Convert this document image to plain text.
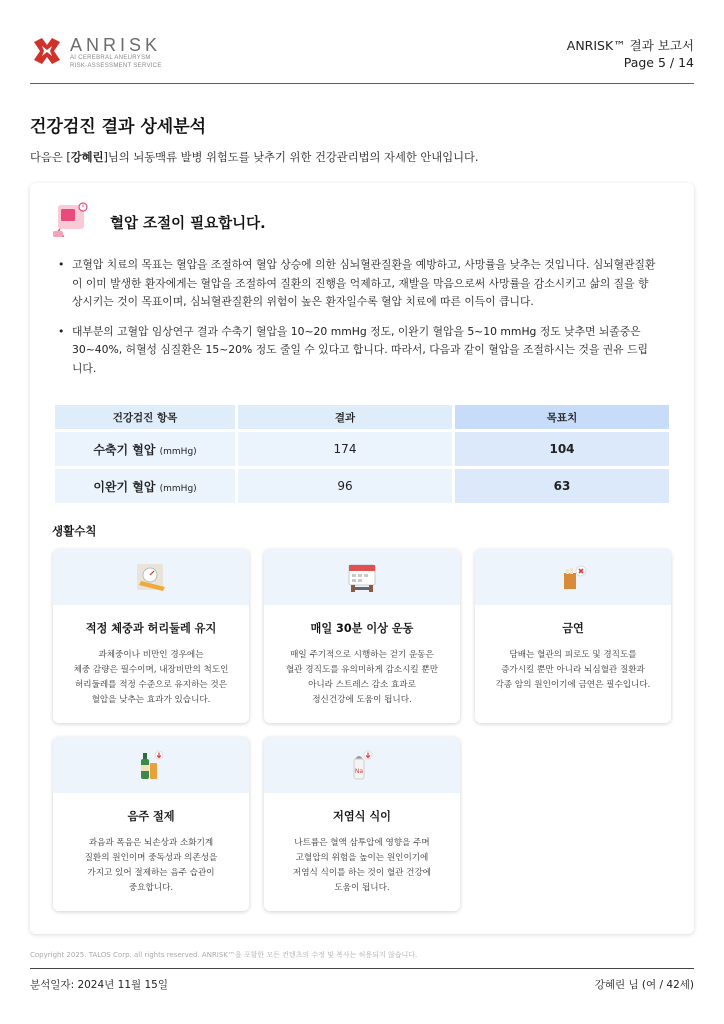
ANRISK
AI CEREBRAL ANEURYSM
RISK-ASSESSMENT SERVICE
ANRISK™ 결과 보고서
Page 5 / 14
건강검진 결과 상세분석
다음은 [강혜린]님의 뇌동맥류 발병 위험도를 낮추기 위한 건강관리법의 자세한 안내입니다.
혈압 조절이 필요합니다.
• 고혈압 치료의 목표는 혈압을 조절하여 혈압 상승에 의한 심뇌혈관질환을 예방하고, 사망률을 낮추는 것입니다. 심뇌혈관질환이 이미 발생한 환자에게는 혈압을 조절하여 질환의 진행을 억제하고, 재발을 막음으로써 사망률을 감소시키고 삶의 질을 향상시키는 것이 목표이며, 심뇌혈관질환의 위험이 높은 환자일수록 혈압 치료에 따른 이득이 큽니다.
• 대부분의 고혈압 임상연구 결과 수축기 혈압을 10~20 mmHg 정도, 이완기 혈압을 5~10 mmHg 정도 낮추면 뇌졸중은 30~40%, 허혈성 심질환은 15~20% 정도 줄일 수 있다고 합니다. 따라서, 다음과 같이 혈압을 조절하시는 것을 권유 드립니다.
건강검진 항목	결과	목표치
수축기 혈압 (mmHg)	174	104
이완기 혈압 (mmHg)	96	63
생활수칙
적정 체중과 허리둘레 유지
과체중이나 비만인 경우에는
체중 감량은 필수이며, 내장비만의 척도인
허리둘레를 적정 수준으로 유지하는 것은
혈압을 낮추는 효과가 있습니다.
매일 30분 이상 운동
매일 주기적으로 시행하는 걷기 운동은
혈관 경직도를 유의미하게 감소시킬 뿐만
아니라 스트레스 감소 효과로
정신건강에 도움이 됩니다.
금연
담배는 혈관의 피로도 및 경직도를
증가시킬 뿐만 아니라 뇌심혈관 질환과
각종 암의 원인이기에 금연은 필수입니다.
음주 절제
과음과 폭음은 뇌손상과 소화기계
질환의 원인이며 중독성과 의존성을
가지고 있어 절제하는 음주 습관이
중요합니다.
Na
저염식 식이
나트륨은 혈액 삼투압에 영향을 주며
고혈압의 위험을 높이는 원인이기에
저염식 식이를 하는 것이 혈관 건강에
도움이 됩니다.
Copyright 2025. TALOS Corp. all rights reserved. ANRISK™을 포함한 모든 컨텐츠의 수정 및 복사는 허용되지 않습니다.
분석일자: 2024년 11월 15일	강혜린 님 (여 / 42세)
